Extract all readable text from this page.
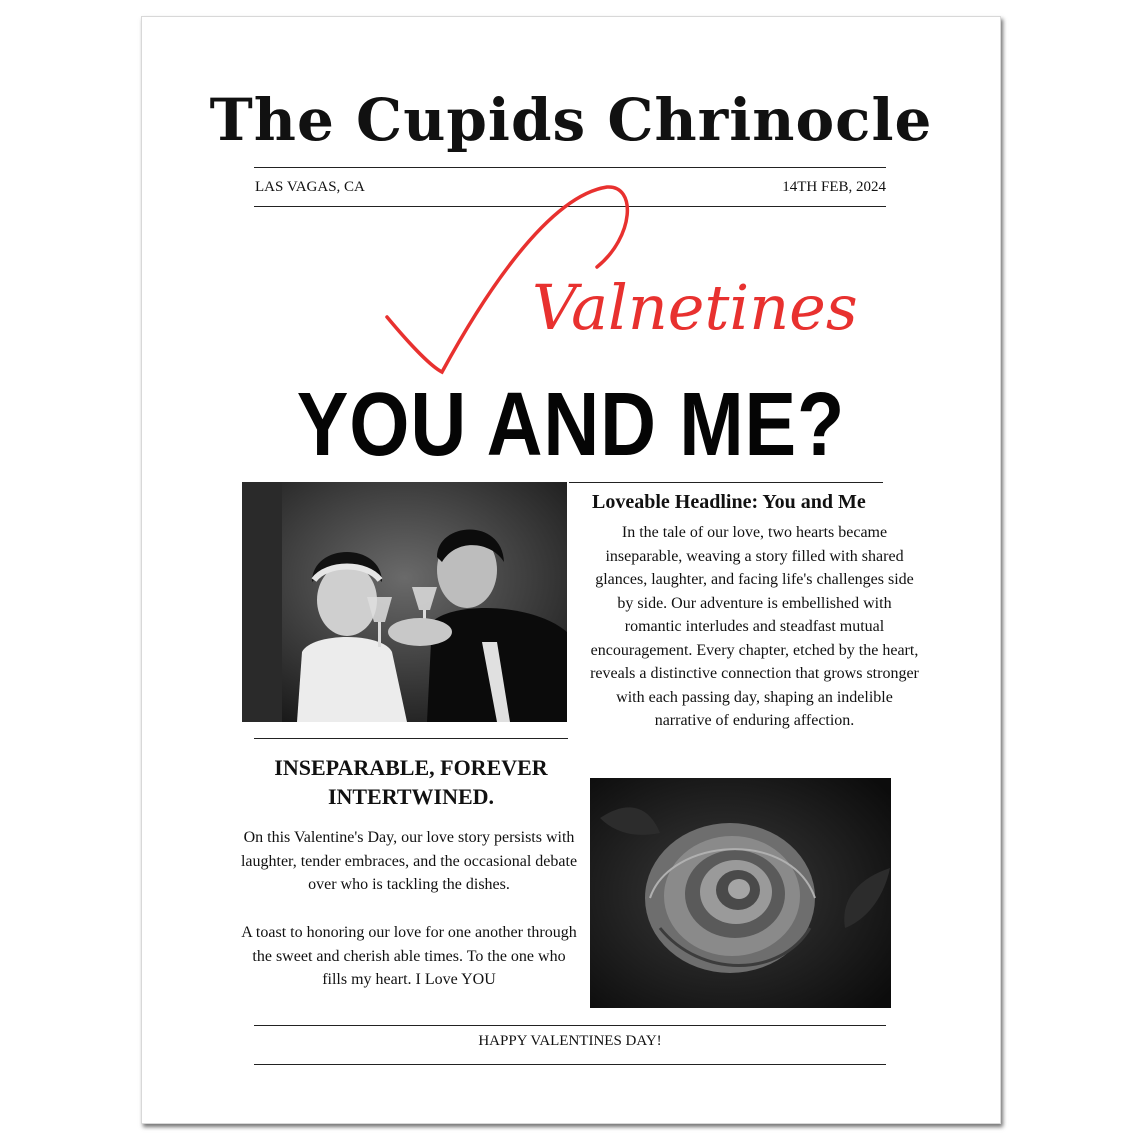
The Cupids Chrinocle
LAS VAGAS, CA	14TH FEB, 2024
Valnetines
YOU AND ME?
Loveable Headline: You and Me
In the tale of our love, two hearts became inseparable, weaving a story filled with shared glances, laughter, and facing life's challenges side by side. Our adventure is embellished with romantic interludes and steadfast mutual encouragement. Every chapter, etched by the heart, reveals a distinctive connection that grows stronger with each passing day, shaping an indelible narrative of enduring affection.
INSEPARABLE, FOREVER INTERTWINED.
On this Valentine's Day, our love story persists with laughter, tender embraces, and the occasional debate over who is tackling the dishes.
A toast to honoring our love for one another through the sweet and cherish able times. To the one who fills my heart. I Love YOU
HAPPY VALENTINES DAY!
